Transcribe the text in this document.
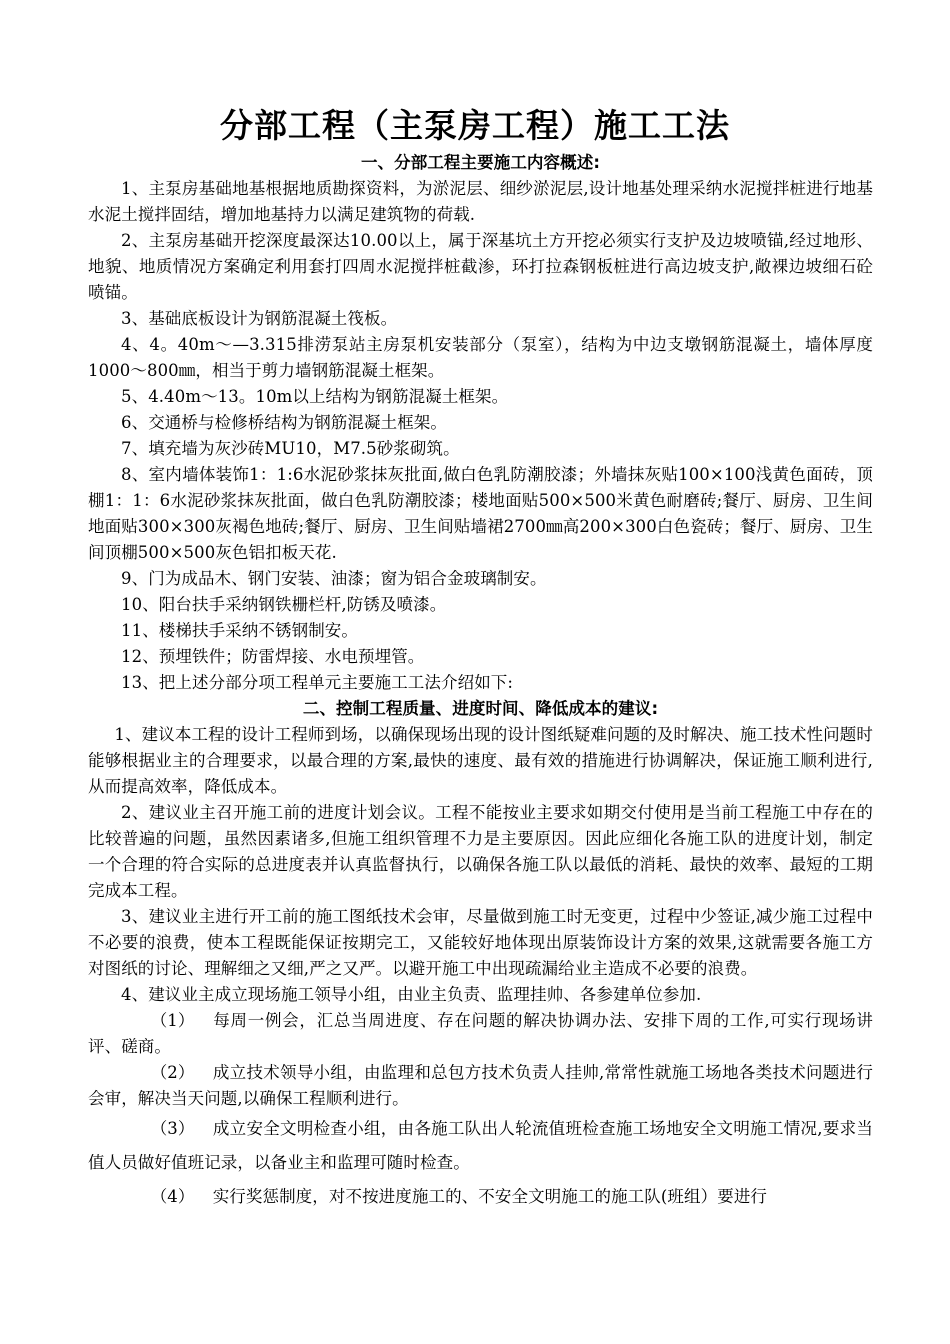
分部工程（主泵房工程）施工工法
一、分部工程主要施工内容概述:

1、主泵房基础地基根据地质勘探资料，为淤泥层、细纱淤泥层,设计地基处理采纳水泥搅拌桩进行地基水泥土搅拌固结，增加地基持力以满足建筑物的荷载.

2、主泵房基础开挖深度最深达10.00以上，属于深基坑土方开挖必须实行支护及边坡喷锚,经过地形、地貌、地质情况方案确定利用套打四周水泥搅拌桩截渗，环打拉森钢板桩进行高边坡支护,敞裸边坡细石砼喷锚。

3、基础底板设计为钢筋混凝土筏板。

4、4。40m～—3.315排涝泵站主房泵机安装部分（泵室），结构为中边支墩钢筋混凝土，墙体厚度1000～800㎜，相当于剪力墙钢筋混凝土框架。

5、4.40m～13。10m以上结构为钢筋混凝土框架。

6、交通桥与检修桥结构为钢筋混凝土框架。

7、填充墙为灰沙砖MU10，M7.5砂浆砌筑。

8、室内墙体装饰1：1:6水泥砂浆抹灰批面,做白色乳防潮胶漆；外墙抹灰贴100×100浅黄色面砖，顶棚1：1：6水泥砂浆抹灰批面，做白色乳防潮胶漆；楼地面贴500×500米黄色耐磨砖;餐厅、厨房、卫生间地面贴300×300灰褐色地砖;餐厅、厨房、卫生间贴墙裙2700㎜高200×300白色瓷砖；餐厅、厨房、卫生间顶棚500×500灰色铝扣板天花.

9、门为成品木、钢门安装、油漆；窗为铝合金玻璃制安。

10、阳台扶手采纳钢铁栅栏杆,防锈及喷漆。

11、楼梯扶手采纳不锈钢制安。

12、预埋铁件；防雷焊接、水电预埋管。

13、把上述分部分项工程单元主要施工工法介绍如下:

二、控制工程质量、进度时间、降低成本的建议:

1、建议本工程的设计工程师到场，以确保现场出现的设计图纸疑难问题的及时解决、施工技术性问题时能够根据业主的合理要求，以最合理的方案,最快的速度、最有效的措施进行协调解决，保证施工顺利进行,从而提高效率，降低成本。

2、建议业主召开施工前的进度计划会议。工程不能按业主要求如期交付使用是当前工程施工中存在的比较普遍的问题，虽然因素诸多,但施工组织管理不力是主要原因。因此应细化各施工队的进度计划，制定一个合理的符合实际的总进度表并认真监督执行，以确保各施工队以最低的消耗、最快的效率、最短的工期完成本工程。

3、建议业主进行开工前的施工图纸技术会审，尽量做到施工时无变更，过程中少签证,减少施工过程中不必要的浪费，使本工程既能保证按期完工，又能较好地体现出原装饰设计方案的效果,这就需要各施工方对图纸的讨论、理解细之又细,严之又严。以避开施工中出现疏漏给业主造成不必要的浪费。

4、建议业主成立现场施工领导小组，由业主负责、监理挂帅、各参建单位参加.

（1） 每周一例会，汇总当周进度、存在问题的解决协调办法、安排下周的工作,可实行现场讲评、磋商。

（2） 成立技术领导小组，由监理和总包方技术负责人挂帅,常常性就施工场地各类技术问题进行会审，解决当天问题,以确保工程顺利进行。

（3） 成立安全文明检查小组，由各施工队出人轮流值班检查施工场地安全文明施工情况,要求当值人员做好值班记录，以备业主和监理可随时检查。

（4） 实行奖惩制度，对不按进度施工的、不安全文明施工的施工队(班组）要进行
